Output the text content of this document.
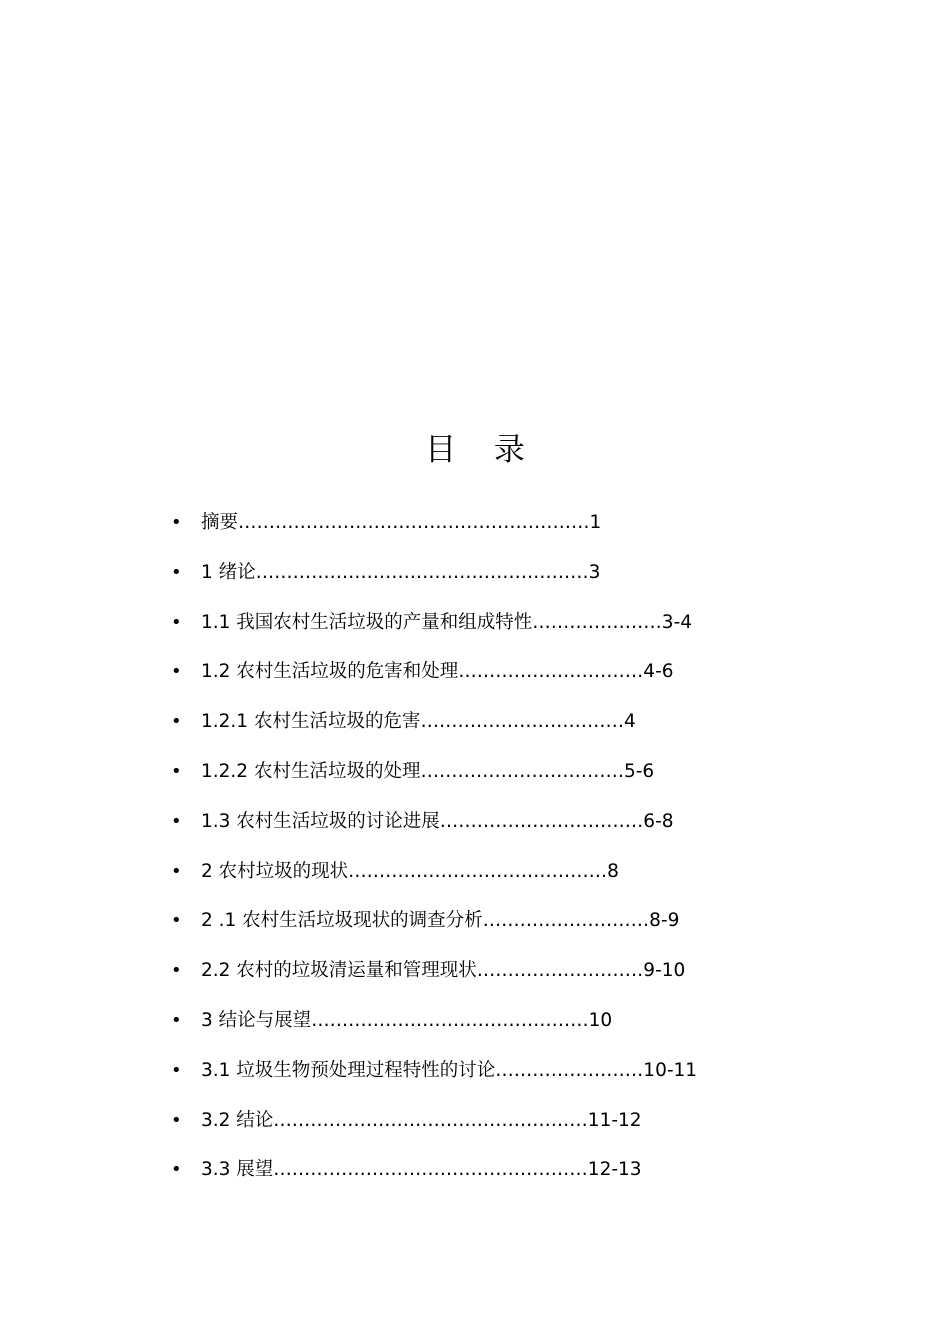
目 录
• 摘要…………………………………………………1
• 1 绪论………………………………………………3
• 1.1 我国农村生活垃圾的产量和组成特性…………………3-4
• 1.2 农村生活垃圾的危害和处理…………………………4-6
• 1.2.1 农村生活垃圾的危害……………………………4
• 1.2.2 农村生活垃圾的处理……………………………5-6
• 1.3 农村生活垃圾的讨论进展……………………………6-8
• 2 农村垃圾的现状……………………………………8
• 2 .1 农村生活垃圾现状的调查分析………………………8-9
• 2.2 农村的垃圾清运量和管理现状………………………9-10
• 3 结论与展望………………………………………10
• 3.1 垃圾生物预处理过程特性的讨论……………………10-11
• 3.2 结论……………………………………………11-12
• 3.3 展望……………………………………………12-13
